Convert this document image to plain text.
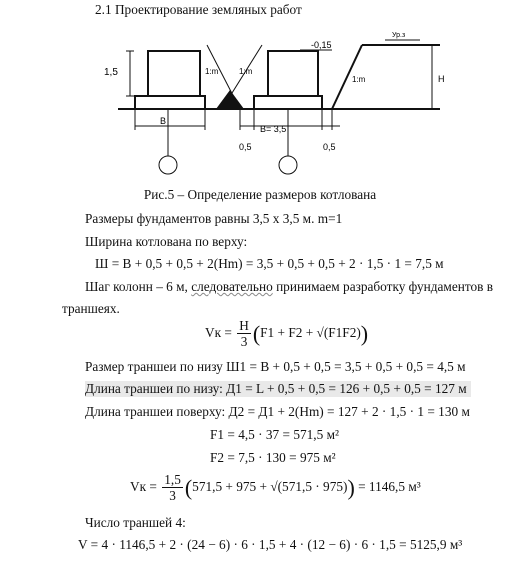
2.1 Проектирование земляных работ
1,5	1:m	1:m
1:m
-0,15
Ур.з
H
B
B= 3,5
0,5	0,5
Рис.5 – Определение размеров котлована
Размеры фундаментов равны 3,5 х 3,5 м. m=1
Ширина котлована по верху:
Ш = B + 0,5 + 0,5 + 2(Hm) = 3,5 + 0,5 + 0,5 + 2 · 1,5 · 1 = 7,5 м
Шаг колонн – 6 м, следовательно принимаем разработку фундаментов в
траншеях.
Vк = $\frac{H}{3} (F1 + F2 + √(F1F2))$
Размер траншеи по низу Ш1 = B + 0,5 + 0,5 = 3,5 + 0,5 + 0,5 = 4,5 м
Длина траншеи по низу: Д1 = L + 0,5 + 0,5 = 126 + 0,5 + 0,5 = 127 м
Длина траншеи поверху: Д2 = Д1 + 2(Hm) = 127 + 2 · 1,5 · 1 = 130 м
F1 = 4,5 · 37 = 571,5 м²
F2 = 7,5 · 130 = 975 м²
Vк = $\frac{1,5}{3} (571,5 + 975 + √(571,5 \cdot 975)) = 1146,5$ м³
Число траншей 4:
V = 4 · 1146,5 + 2 · (24 − 6) · 6 · 1,5 + 4 · (12 − 6) · 6 · 1,5 = 5125,9 м³
